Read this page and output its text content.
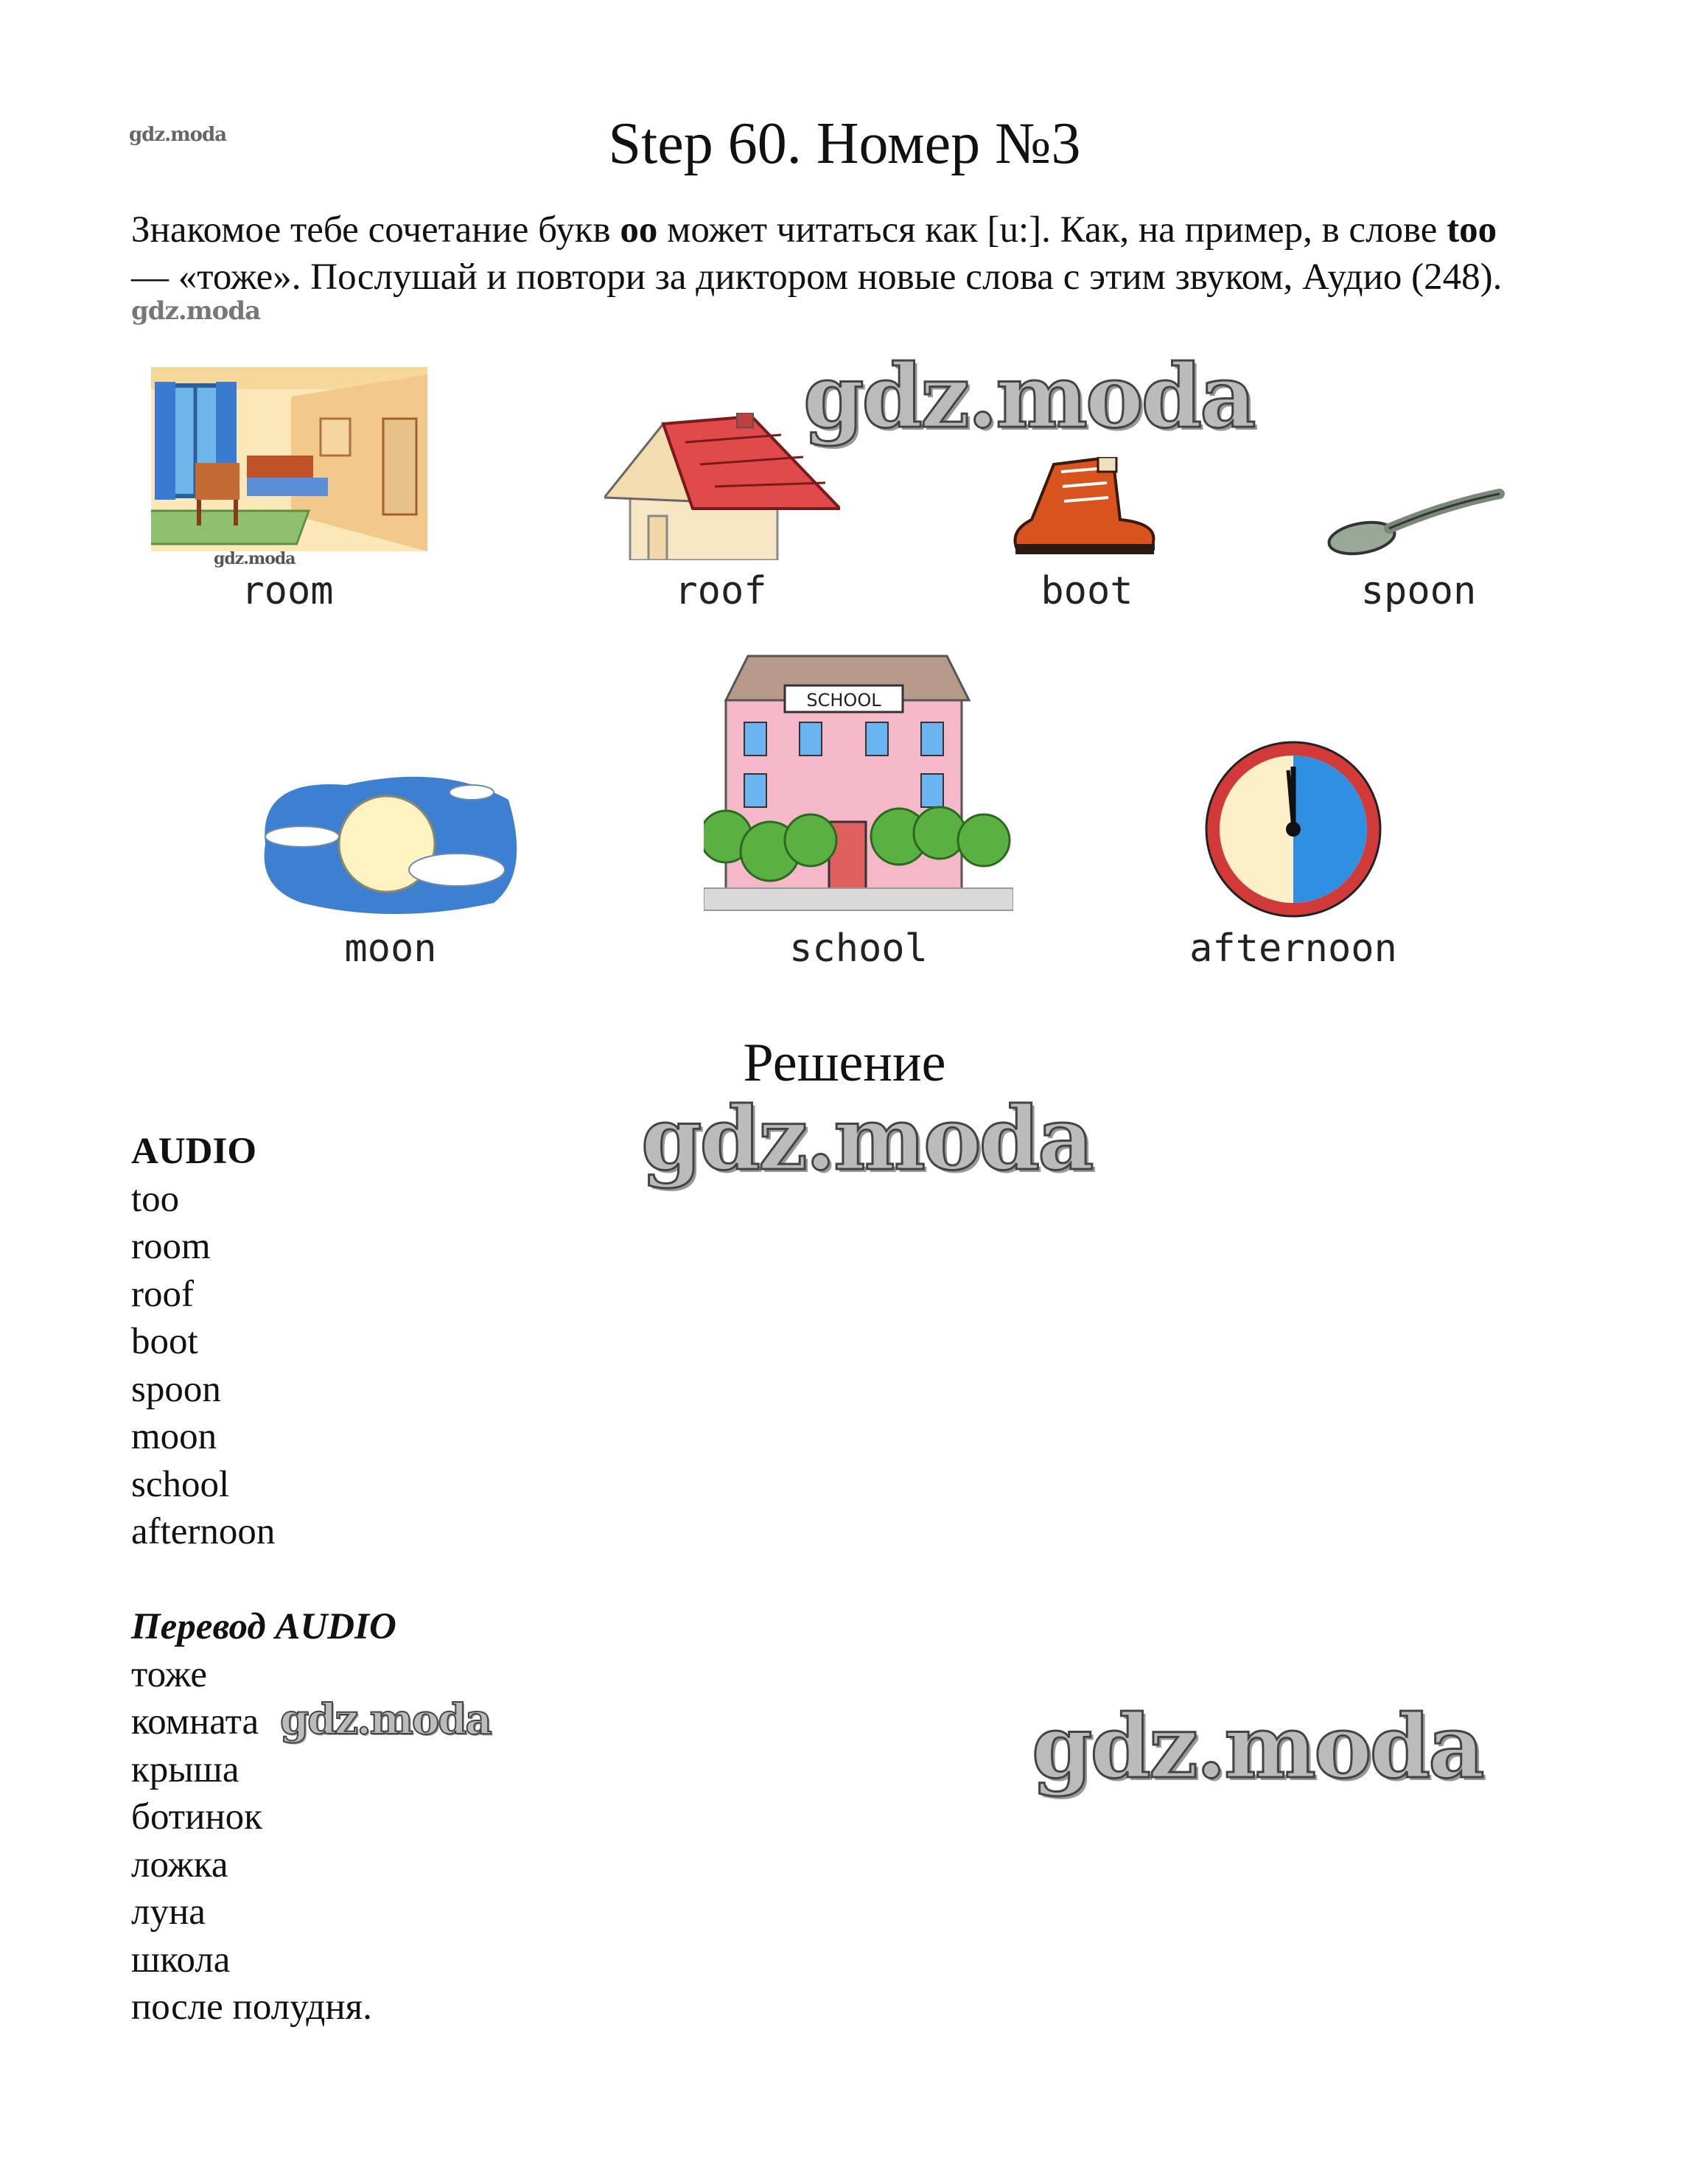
gdz.moda	Step 60. Номер №3
Знакомое тебе сочетание букв oo может читаться как [u:]. Как, на пример, в слове too — «тоже». Послушай и повтори за диктором новые слова с этим звуком, Аудио (248).
gdz.moda
gdz.moda
gdz.moda
room	roof	boot	spoon
SCHOOL
moon	school	afternoon
Решение
gdz.moda
AUDIO
too
room
roof
boot
spoon
moon
school
afternoon
Перевод AUDIO
тоже
комната
крыша
ботинок
ложка
луна
школа
после полудня.
gdz.moda	gdz.moda
